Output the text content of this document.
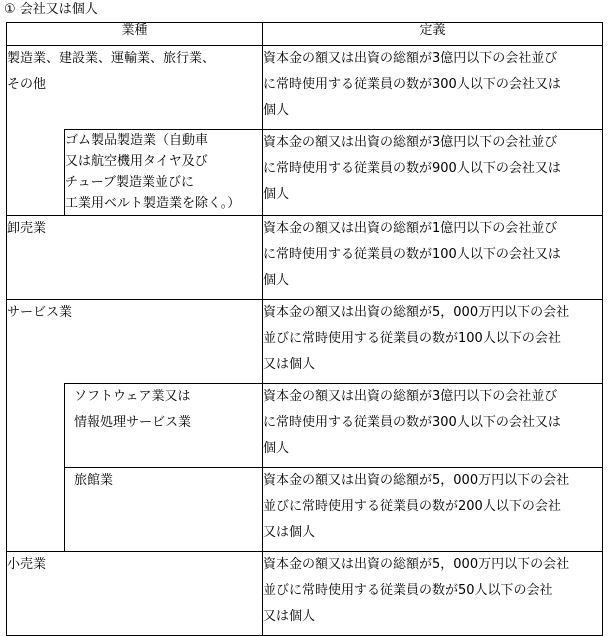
① 会社又は個人
業種		定義

製造業、建設業、運輸業、旅行業、
その他		資本金の額又は出資の総額が3億円以下の会社並び
に常時使用する従業員の数が300人以下の会社又は
個人

	ゴム製品製造業（自動車
又は航空機用タイヤ及び
チューブ製造業並びに
工業用ベルト製造業を除く。）	資本金の額又は出資の総額が3億円以下の会社並び
に常時使用する従業員の数が900人以下の会社又は
個人

卸売業		資本金の額又は出資の総額が1億円以下の会社並び
に常時使用する従業員の数が100人以下の会社又は
個人

サービス業		資本金の額又は出資の総額が5，000万円以下の会社
並びに常時使用する従業員の数が100人以下の会社
又は個人

	ソフトウェア業又は
情報処理サービス業	資本金の額又は出資の総額が3億円以下の会社並び
に常時使用する従業員の数が300人以下の会社又は
個人

	旅館業	資本金の額又は出資の総額が5，000万円以下の会社
並びに常時使用する従業員の数が200人以下の会社
又は個人

小売業		資本金の額又は出資の総額が5，000万円以下の会社
並びに常時使用する従業員の数が50人以下の会社
又は個人
